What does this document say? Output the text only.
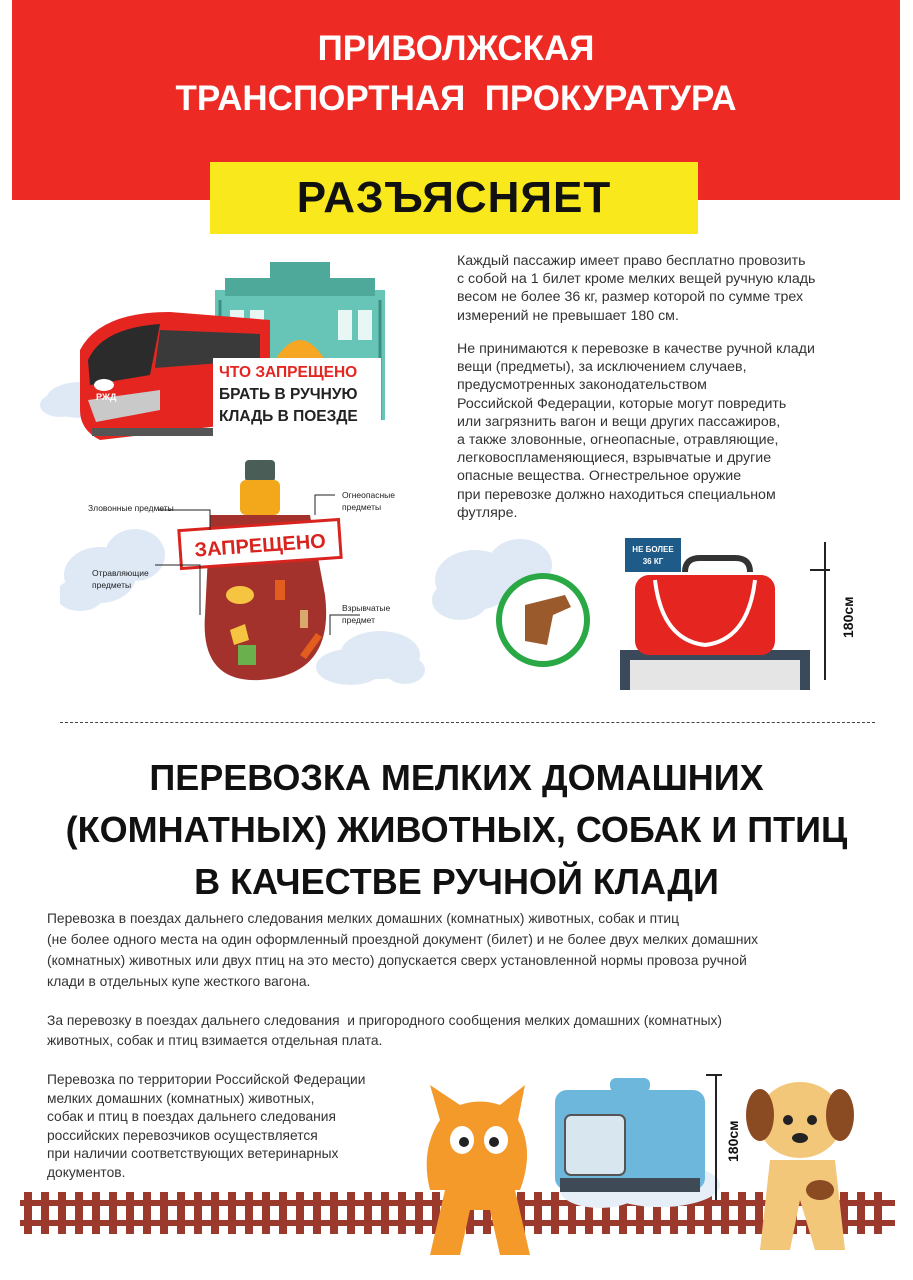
ПРИВОЛЖСКАЯ
ТРАНСПОРТНАЯ  ПРОКУРАТУРА
РАЗЪЯСНЯЕТ
РЖД
ЧТО ЗАПРЕЩЕНО
БРАТЬ В РУЧНУЮ
КЛАДЬ В ПОЕЗДЕ
Каждый пассажир имеет право бесплатно провозить
с собой на 1 билет кроме мелких вещей ручную кладь
весом не более 36 кг, размер которой по сумме трех
измерений не превышает 180 см.
Не принимаются к перевозке в качестве ручной клади
вещи (предметы), за исключением случаев,
предусмотренных законодательством
Российской Федерации, которые могут повредить
или загрязнить вагон и вещи других пассажиров,
а также зловонные, огнеопасные, отравляющие,
легковоспламеняющиеся, взрывчатые и другие
опасные вещества. Огнестрельное оружие
при перевозке должно находиться специальном
футляре.
ЗАПРЕЩЕНО
Зловонные предметы
Огнеопасные
предметы
Отравляющие
предметы
Взрывчатые
предмет
НЕ БОЛЕЕ
36 КГ
180см
ПЕРЕВОЗКА МЕЛКИХ ДОМАШНИХ
(КОМНАТНЫХ) ЖИВОТНЫХ, СОБАК И ПТИЦ
В КАЧЕСТВЕ РУЧНОЙ КЛАДИ
Перевозка в поездах дальнего следования мелких домашних (комнатных) животных, собак и птиц
(не более одного места на один оформленный проездной документ (билет) и не более двух мелких домашних
(комнатных) животных или двух птиц на это место) допускается сверх установленной нормы провоза ручной
клади в отдельных купе жесткого вагона.
За перевозку в поездах дальнего следования  и пригородного сообщения мелких домашних (комнатных)
животных, собак и птиц взимается отдельная плата.
Перевозка по территории Российской Федерации
мелких домашних (комнатных) животных,
собак и птиц в поездах дальнего следования
российских перевозчиков осуществляется
при наличии соответствующих ветеринарных
документов.
180см
